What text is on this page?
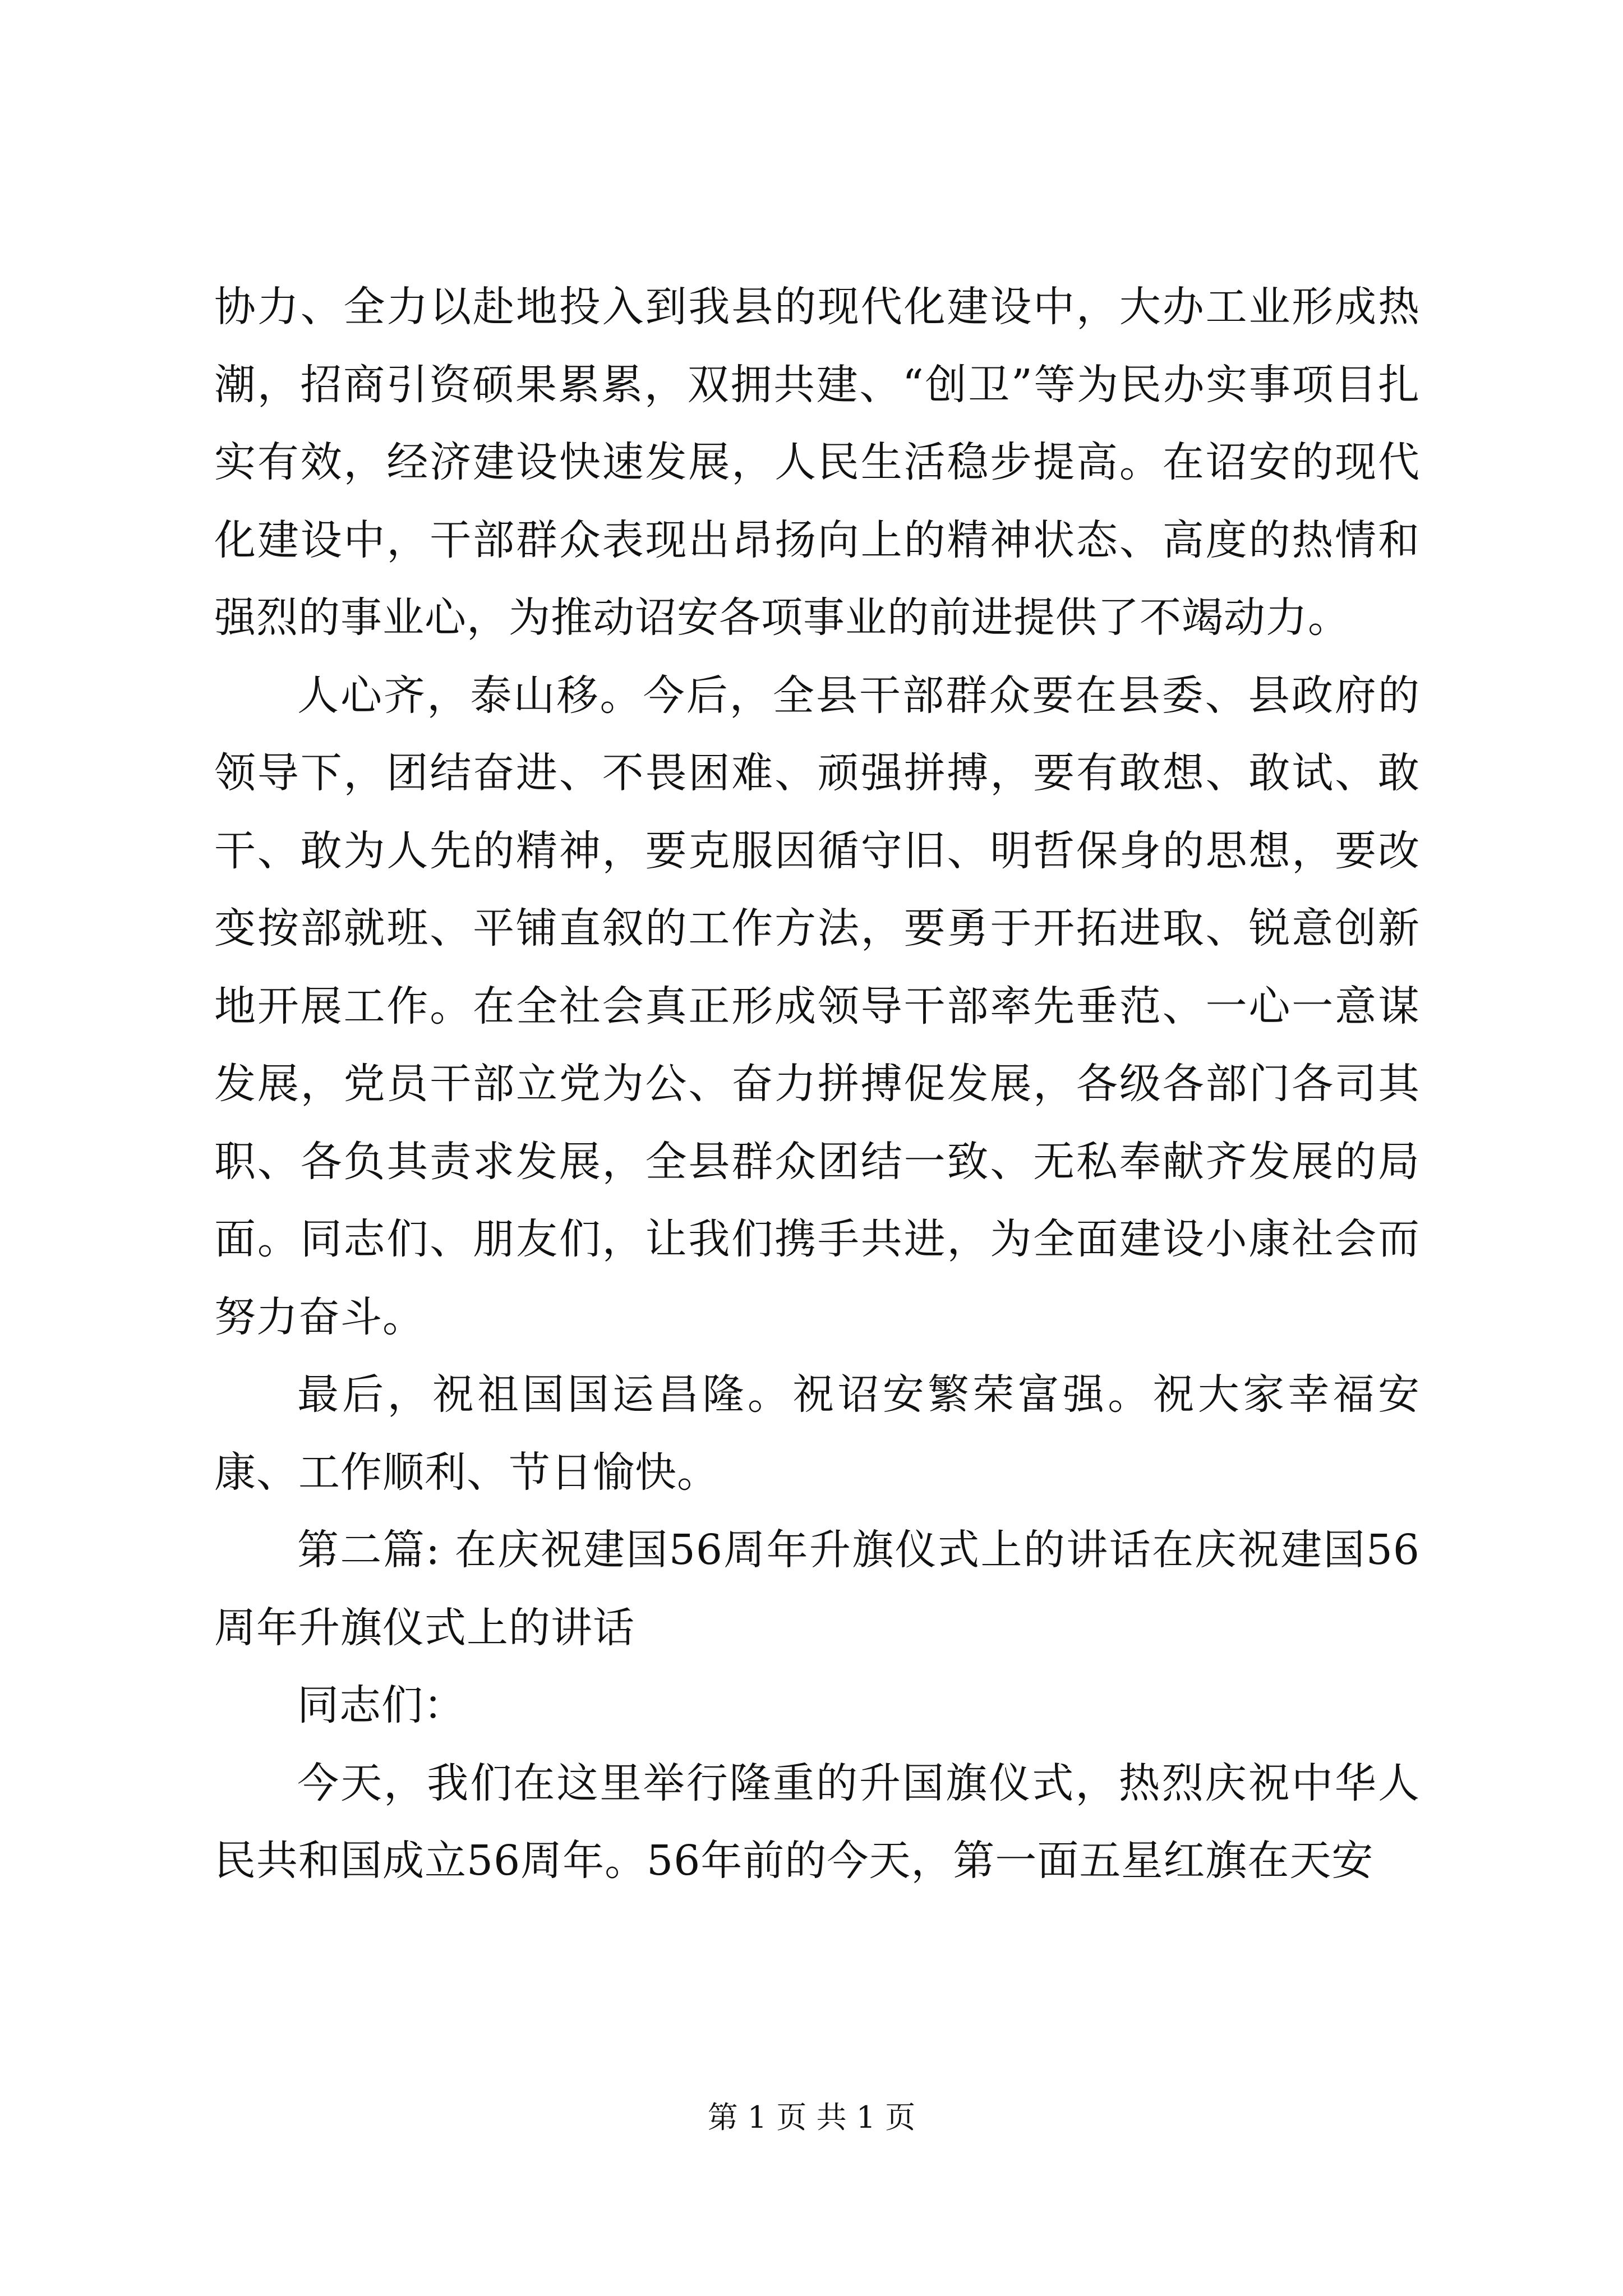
协力、全力以赴地投入到我县的现代化建设中，大办工业形成热潮，招商引资硕果累累，双拥共建、“创卫”等为民办实事项目扎实有效，经济建设快速发展，人民生活稳步提高。在诏安的现代化建设中，干部群众表现出昂扬向上的精神状态、高度的热情和强烈的事业心，为推动诏安各项事业的前进提供了不竭动力。

人心齐，泰山移。今后，全县干部群众要在县委、县政府的领导下，团结奋进、不畏困难、顽强拼搏，要有敢想、敢试、敢干、敢为人先的精神，要克服因循守旧、明哲保身的思想，要改变按部就班、平铺直叙的工作方法，要勇于开拓进取、锐意创新地开展工作。在全社会真正形成领导干部率先垂范、一心一意谋发展，党员干部立党为公、奋力拼搏促发展，各级各部门各司其职、各负其责求发展，全县群众团结一致、无私奉献齐发展的局面。同志们、朋友们，让我们携手共进，为全面建设小康社会而努力奋斗。

最后，祝祖国国运昌隆。祝诏安繁荣富强。祝大家幸福安康、工作顺利、节日愉快。

第二篇: 在庆祝建国56周年升旗仪式上的讲话在庆祝建国56周年升旗仪式上的讲话

同志们：

今天，我们在这里举行隆重的升国旗仪式，热烈庆祝中华人民共和国成立56周年。56年前的今天，第一面五星红旗在天安

第 1 页 共 1 页
